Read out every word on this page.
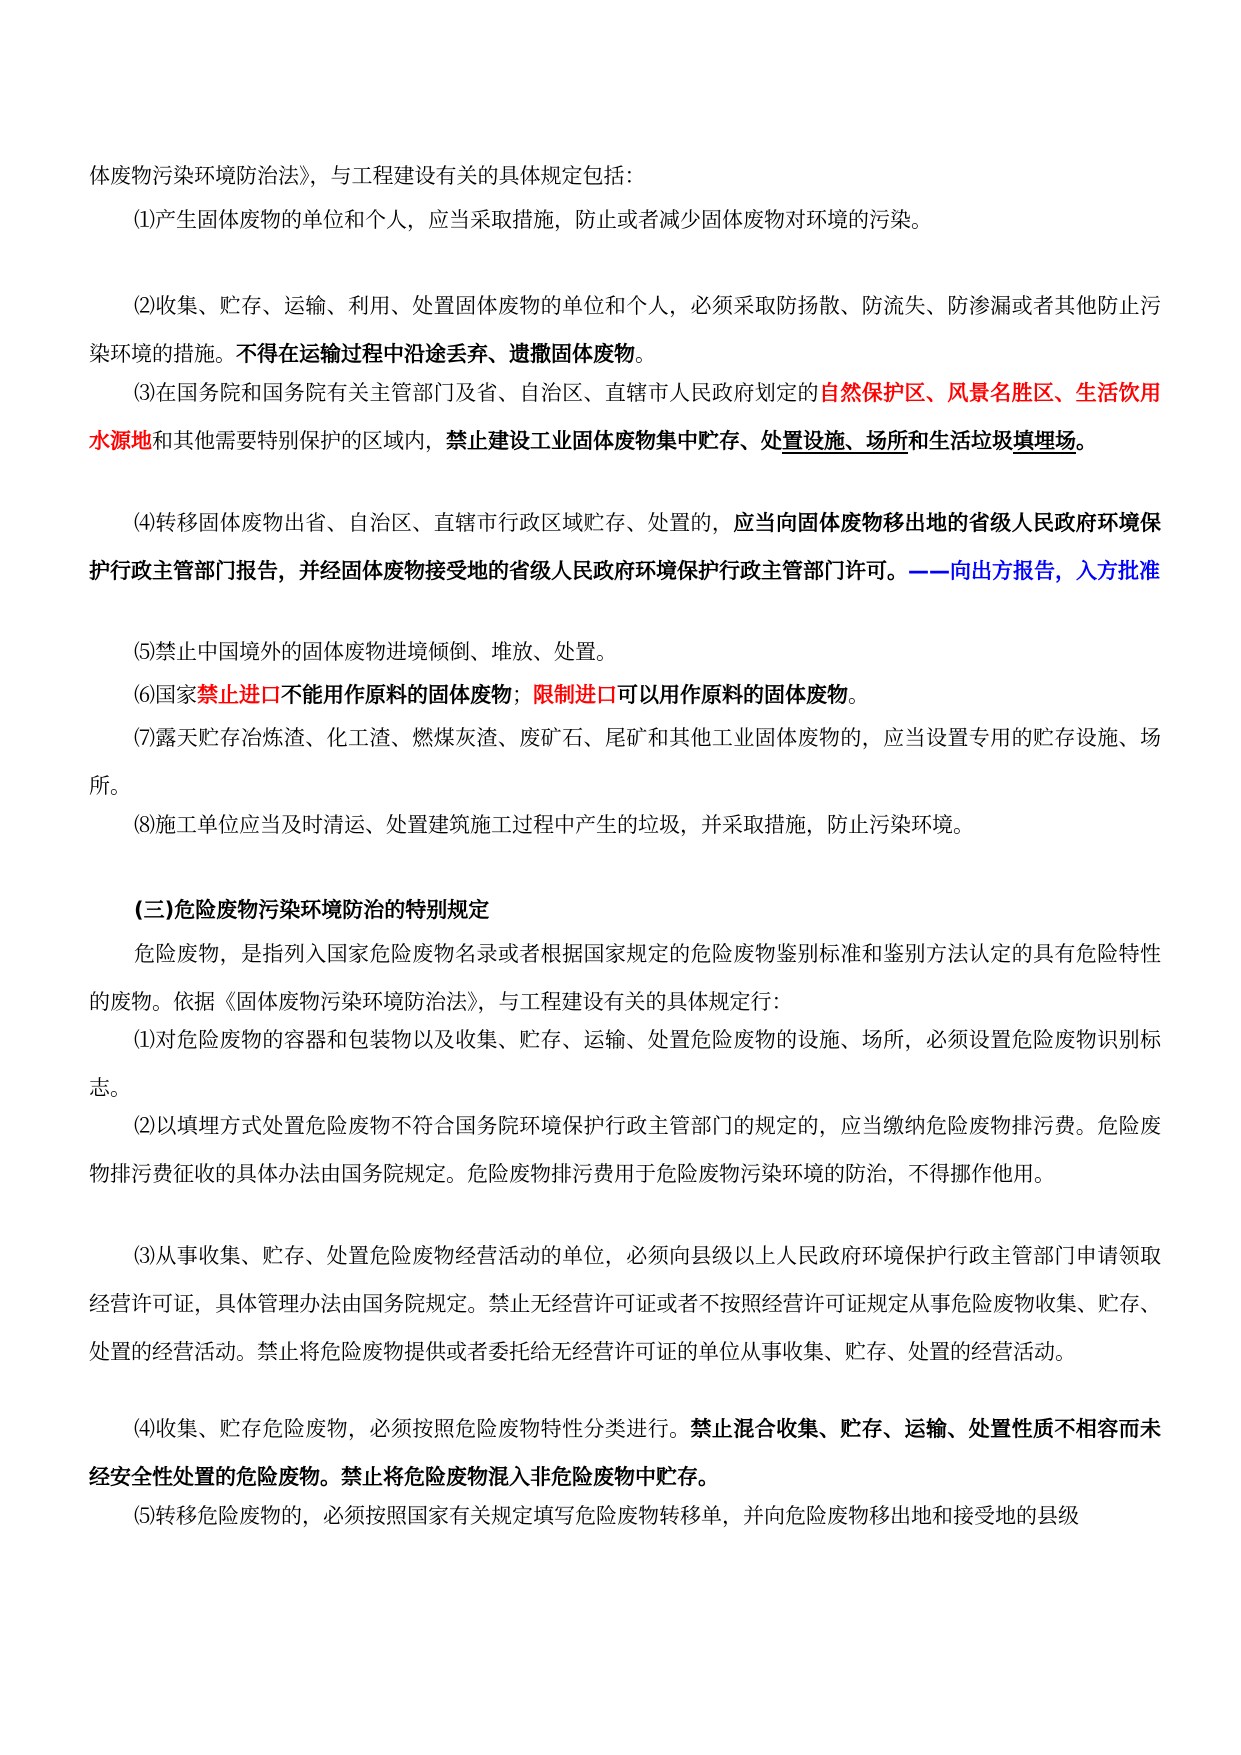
体废物污染环境防治法》，与工程建设有关的具体规定包括：

⑴产生固体废物的单位和个人，应当采取措施，防止或者减少固体废物对环境的污染。

⑵收集、贮存、运输、利用、处置固体废物的单位和个人，必须采取防扬散、防流失、防渗漏或者其他防止污染环境的措施。不得在运输过程中沿途丢弃、遗撒固体废物。

⑶在国务院和国务院有关主管部门及省、自治区、直辖市人民政府划定的自然保护区、风景名胜区、生活饮用水源地和其他需要特别保护的区域内，禁止建设工业固体废物集中贮存、处置设施、场所和生活垃圾填埋场。

⑷转移固体废物出省、自治区、直辖市行政区域贮存、处置的，应当向固体废物移出地的省级人民政府环境保护行政主管部门报告，并经固体废物接受地的省级人民政府环境保护行政主管部门许可。——向出方报告，入方批准

⑸禁止中国境外的固体废物进境倾倒、堆放、处置。

⑹国家禁止进口不能用作原料的固体废物；限制进口可以用作原料的固体废物。

⑺露天贮存冶炼渣、化工渣、燃煤灰渣、废矿石、尾矿和其他工业固体废物的，应当设置专用的贮存设施、场所。

⑻施工单位应当及时清运、处置建筑施工过程中产生的垃圾，并采取措施，防止污染环境。

(三)危险废物污染环境防治的特别规定

危险废物，是指列入国家危险废物名录或者根据国家规定的危险废物鉴别标准和鉴别方法认定的具有危险特性的废物。依据《固体废物污染环境防治法》，与工程建设有关的具体规定行：

⑴对危险废物的容器和包装物以及收集、贮存、运输、处置危险废物的设施、场所，必须设置危险废物识别标志。

⑵以填埋方式处置危险废物不符合国务院环境保护行政主管部门的规定的，应当缴纳危险废物排污费。危险废物排污费征收的具体办法由国务院规定。危险废物排污费用于危险废物污染环境的防治，不得挪作他用。

⑶从事收集、贮存、处置危险废物经营活动的单位，必须向县级以上人民政府环境保护行政主管部门申请领取经营许可证，具体管理办法由国务院规定。禁止无经营许可证或者不按照经营许可证规定从事危险废物收集、贮存、处置的经营活动。禁止将危险废物提供或者委托给无经营许可证的单位从事收集、贮存、处置的经营活动。

⑷收集、贮存危险废物，必须按照危险废物特性分类进行。禁止混合收集、贮存、运输、处置性质不相容而未经安全性处置的危险废物。禁止将危险废物混入非危险废物中贮存。

⑸转移危险废物的，必须按照国家有关规定填写危险废物转移单，并向危险废物移出地和接受地的县级
